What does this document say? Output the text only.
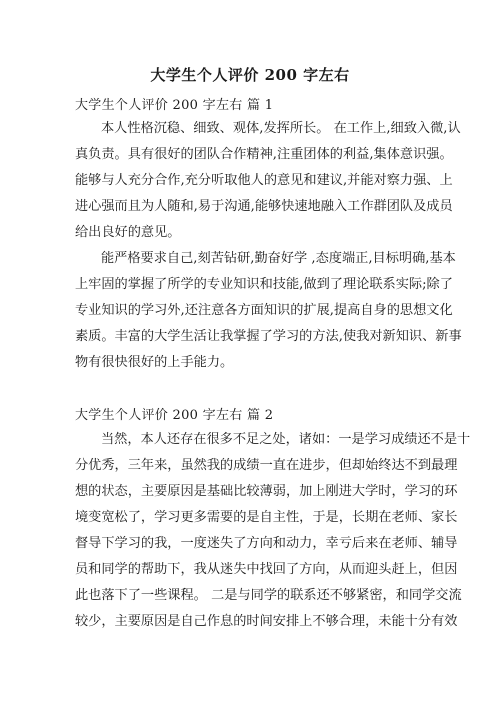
大学生个人评价 200 字左右
大学生个人评价 200 字左右 篇 1
本人性格沉稳、细致、观体,发挥所长。 在工作上,细致入微,认
真负责。具有很好的团队合作精神,注重团体的利益,集体意识强。
能够与人充分合作,充分听取他人的意见和建议,并能对察力强、上
进心强而且为人随和,易于沟通,能够快速地融入工作群团队及成员
给出良好的意见。
能严格要求自己,刻苦钻研,勤奋好学 ,态度端正,目标明确,基本
上牢固的掌握了所学的专业知识和技能,做到了理论联系实际;除了
专业知识的学习外,还注意各方面知识的扩展,提高自身的思想文化
素质。丰富的大学生活让我掌握了学习的方法,使我对新知识、新事
物有很快很好的上手能力。
大学生个人评价 200 字左右 篇 2
当然，本人还存在很多不足之处，诸如：一是学习成绩还不是十
分优秀，三年来，虽然我的成绩一直在进步，但却始终达不到最理
想的状态，主要原因是基础比较薄弱，加上刚进大学时，学习的环
境变宽松了，学习更多需要的是自主性，于是，长期在老师、家长
督导下学习的我，一度迷失了方向和动力，幸亏后来在老师、辅导
员和同学的帮助下，我从迷失中找回了方向，从而迎头赶上，但因
此也落下了一些课程。 二是与同学的联系还不够紧密，和同学交流
较少，主要原因是自己作息的时间安排上不够合理，未能十分有效
